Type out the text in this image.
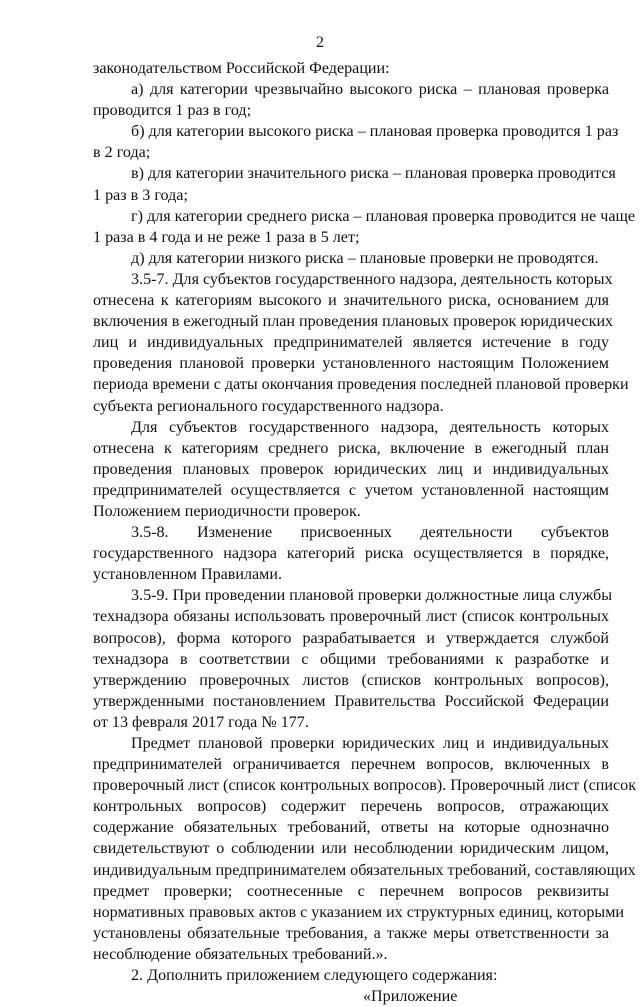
2
законодательством Российской Федерации:
а) для категории чрезвычайно высокого риска – плановая проверка
проводится 1 раз в год;
б) для категории высокого риска – плановая проверка проводится 1 раз
в 2 года;
в) для категории значительного риска – плановая проверка проводится
1 раз в 3 года;
г) для категории среднего риска – плановая проверка проводится не чаще
1 раза в 4 года и не реже 1 раза в 5 лет;
д) для категории низкого риска – плановые проверки не проводятся.
3.5-7. Для субъектов государственного надзора, деятельность которых
отнесена к категориям высокого и значительного риска, основанием для
включения в ежегодный план проведения плановых проверок юридических
лиц и индивидуальных предпринимателей является истечение в году
проведения плановой проверки установленного настоящим Положением
периода времени с даты окончания проведения последней плановой проверки
субъекта регионального государственного надзора.
Для субъектов государственного надзора, деятельность которых
отнесена к категориям среднего риска, включение в ежегодный план
проведения плановых проверок юридических лиц и индивидуальных
предпринимателей осуществляется с учетом установленной настоящим
Положением периодичности проверок.
3.5-8. Изменение присвоенных деятельности субъектов
государственного надзора категорий риска осуществляется в порядке,
установленном Правилами.
3.5-9. При проведении плановой проверки должностные лица службы
технадзора обязаны использовать проверочный лист (список контрольных
вопросов), форма которого разрабатывается и утверждается службой
технадзора в соответствии с общими требованиями к разработке и
утверждению проверочных листов (списков контрольных вопросов),
утвержденными постановлением Правительства Российской Федерации
от 13 февраля 2017 года № 177.
Предмет плановой проверки юридических лиц и индивидуальных
предпринимателей ограничивается перечнем вопросов, включенных в
проверочный лист (список контрольных вопросов). Проверочный лист (список
контрольных вопросов) содержит перечень вопросов, отражающих
содержание обязательных требований, ответы на которые однозначно
свидетельствуют о соблюдении или несоблюдении юридическим лицом,
индивидуальным предпринимателем обязательных требований, составляющих
предмет проверки; соотнесенные с перечнем вопросов реквизиты
нормативных правовых актов с указанием их структурных единиц, которыми
установлены обязательные требования, а также меры ответственности за
несоблюдение обязательных требований.».
2. Дополнить приложением следующего содержания:
«Приложение
